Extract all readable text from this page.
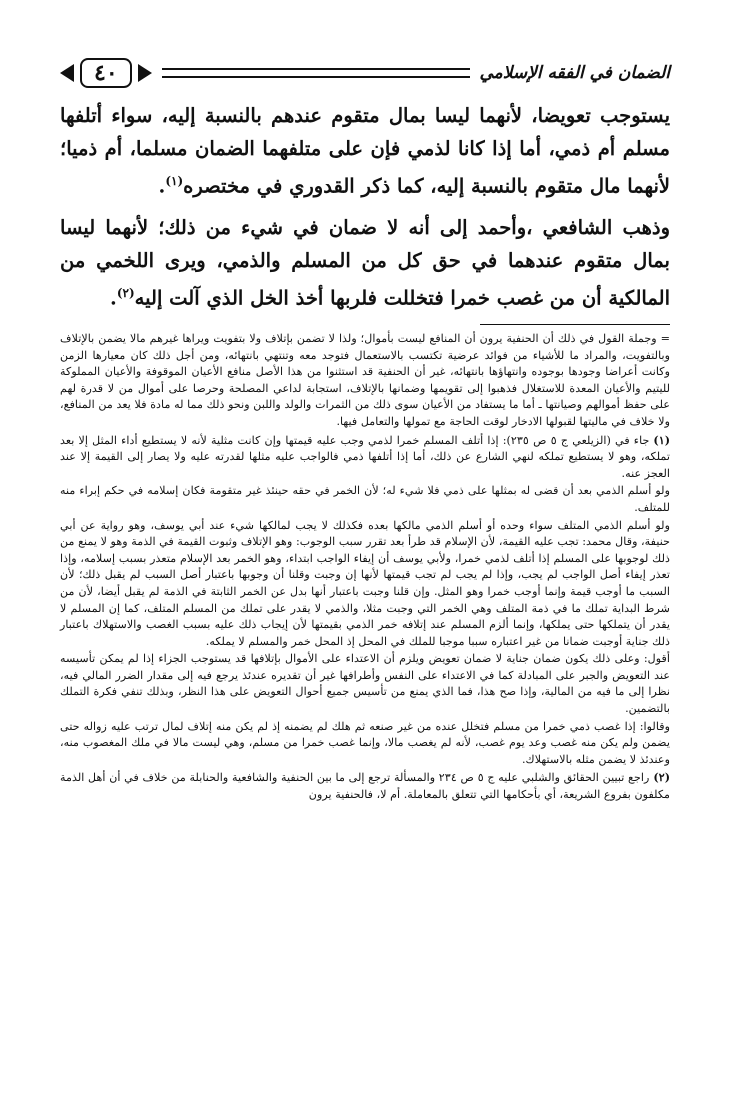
٤٠	الضمان في الفقه الإسلامي

يستوجب تعويضا، لأنهما ليسا بمال متقوم عندهم بالنسبة إليه، سواء أتلفها مسلم أم ذمي، أما إذا كانا لذمي فإن على متلفهما الضمان مسلما، أم ذميا؛ لأنهما مال متقوم بالنسبة إليه، كما ذكر القدوري في مختصره$^{(١)}$.

وذهب الشافعي ،وأحمد إلى أنه لا ضمان في شيء من ذلك؛ لأنهما ليسا بمال متقوم عندهما في حق كل من المسلم والذمي، ويرى اللخمي من المالكية أن من غصب خمرا فتخللت فلربها أخذ الخل الذي آلت إليه$^{(٢)}$.

= وجملة القول في ذلك أن الحنفية يرون أن المنافع ليست بأموال؛ ولذا لا تضمن بإتلاف ولا بتفويت ويراها غيرهم مالا يضمن بالإتلاف وبالتفويت، والمراد ما للأشياء من فوائد عرضية تكتسب بالاستعمال فتوجد معه وتنتهي بانتهائه، ومن أجل ذلك كان معيارها الزمن وكانت أعراضا وجودها بوجوده وانتهاؤها بانتهائه، غير أن الحنفية قد استثنوا من هذا الأصل منافع الأعيان الموقوفة والأعيان المملوكة لليتيم والأعيان المعدة للاستغلال فذهبوا إلى تقويمها وضمانها بالإتلاف، استجابة لداعي المصلحة وحرصا على أموال من لا قدرة لهم على حفظ أموالهم وصيانتها ـ أما ما يستفاد من الأعيان سوى ذلك من الثمرات والولد واللبن ونحو ذلك مما له مادة فلا يعد من المنافع، ولا خلاف في ماليتها لقبولها الادخار لوقت الحاجة مع تمولها والتعامل فيها.

(١)جاء في (الزيلعي ج ٥ ص ٢٣٥): إذا أتلف المسلم خمرا لذمي وجب عليه قيمتها وإن كانت مثلية لأنه لا يستطيع أداء المثل إلا بعد تملكه، وهو لا يستطيع تملكه لنهي الشارع عن ذلك، أما إذا أتلفها ذمي فالواجب عليه مثلها لقدرته عليه ولا يصار إلى القيمة إلا عند العجز عنه.

ولو أسلم الذمي بعد أن قضى له بمثلها على ذمي فلا شيء له؛ لأن الخمر في حقه حينئذ غير متقومة فكان إسلامه في حكم إبراء منه للمتلف.

ولو أسلم الذمي المتلف سواء وحده أو أسلم الذمي مالكها بعده فكذلك لا يجب لمالكها شيء عند أبي يوسف، وهو رواية عن أبي حنيفة، وقال محمد: تجب عليه القيمة، لأن الإسلام قد طرأ بعد تقرر سبب الوجوب: وهو الإتلاف وثبوت القيمة في الذمة وهو لا يمنع من ذلك لوجوبها على المسلم إذا أتلف لذمي خمرا، ولأبي يوسف أن إيفاء الواجب ابتداء، وهو الخمر بعد الإسلام متعذر بسبب إسلامه، وإذا تعذر إيفاء أصل الواجب لم يجب، وإذا لم يجب لم تجب قيمتها لأنها إن وجبت وقلنا أن وجوبها باعتبار أصل السبب لم يقبل ذلك؛ لأن السبب ما أوجب قيمة وإنما أوجب خمرا وهو المثل. وإن قلنا وجبت باعتبار أنها بدل عن الخمر الثابتة في الذمة لم يقبل أيضا، لأن من شرط البداية تملك ما في ذمة المتلف وهي الخمر التي وجبت مثلا، والذمي لا يقدر على تملك من المسلم المتلف، كما إن المسلم لا يقدر أن يتملكها حتى يملكها، وإنما ألزم المسلم عند إتلافه خمر الذمي بقيمتها لأن إيجاب ذلك عليه بسبب الغصب والاستهلاك باعتبار ذلك جناية أوجبت ضمانا من غير اعتباره سببا موجبا للملك في المحل إذ المحل خمر والمسلم لا يملكه.

أقول: وعلى ذلك يكون ضمان جناية لا ضمان تعويض ويلزم أن الاعتداء على الأموال بإتلافها قد يستوجب الجزاء إذا لم يمكن تأسيسه عند التعويض والجبر على المبادلة كما في الاعتداء على النفس وأطرافها غير أن تقديره عندئذ يرجع فيه إلى مقدار الضرر المالي فيه، نظرا إلى ما فيه من المالية، وإذا صح هذا، فما الذي يمنع من تأسيس جميع أحوال التعويض على هذا النظر، وبذلك تنفي فكرة التملك بالتضمين.

وقالوا: إذا غصب ذمي خمرا من مسلم فتخلل عنده من غير صنعه ثم هلك لم يضمنه إذ لم يكن منه إتلاف لمال ترتب عليه زواله حتى يضمن ولم يكن منه غصب وعد يوم غصب، لأنه لم يغصب مالا، وإنما غصب خمرا من مسلم، وهي ليست مالا في ملك المغصوب منه، وعندئذ لا يضمن مثله بالاستهلاك.

(٢)راجع تبيين الحقائق والشلبي عليه ج ٥ ص ٢٣٤ والمسألة ترجع إلى ما بين الحنفية والشافعية والحنابلة من خلاف في أن أهل الذمة مكلفون بفروع الشريعة، أي بأحكامها التي تتعلق بالمعاملة. أم لا، فالحنفية يرون
